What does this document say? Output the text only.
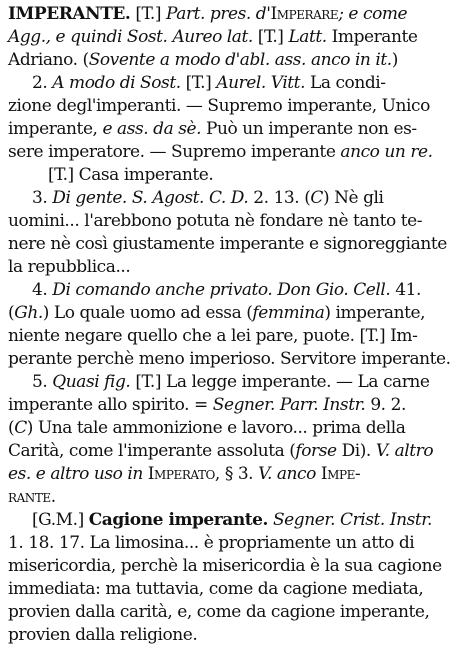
IMPERANTE. [T.] Part. pres. d'Imperare; e come
Agg., e quindi Sost. Aureo lat. [T.] Latt. Imperante
Adriano. (Sovente a modo d'abl. ass. anco in it.)
2. A modo di Sost. [T.] Aurel. Vitt. La condi-
zione degl'imperanti. — Supremo imperante, Unico
imperante, e ass. da sè. Può un imperante non es-
sere imperatore. — Supremo imperante anco un re.
[T.] Casa imperante.
3. Di gente. S. Agost. C. D. 2. 13. (C) Nè gli
uomini... l'arebbono potuta nè fondare nè tanto te-
nere nè così giustamente imperante e signoreggiante
la repubblica...
4. Di comando anche privato. Don Gio. Cell. 41.
(Gh.) Lo quale uomo ad essa (femmina) imperante,
niente negare quello che a lei pare, puote. [T.] Im-
perante perchè meno imperioso. Servitore imperante.
5. Quasi fig. [T.] La legge imperante. — La carne
imperante allo spirito. = Segner. Parr. Instr. 9. 2.
(C) Una tale ammonizione e lavoro... prima della
Carità, come l'imperante assoluta (forse Di). V. altro
es. e altro uso in Imperato, § 3. V. anco Impe-
rante.
[G.M.] Cagione imperante. Segner. Crist. Instr.
1. 18. 17. La limosina... è propriamente un atto di
misericordia, perchè la misericordia è la sua cagione
immediata: ma tuttavia, come da cagione mediata,
provien dalla carità, e, come da cagione imperante,
provien dalla religione.
